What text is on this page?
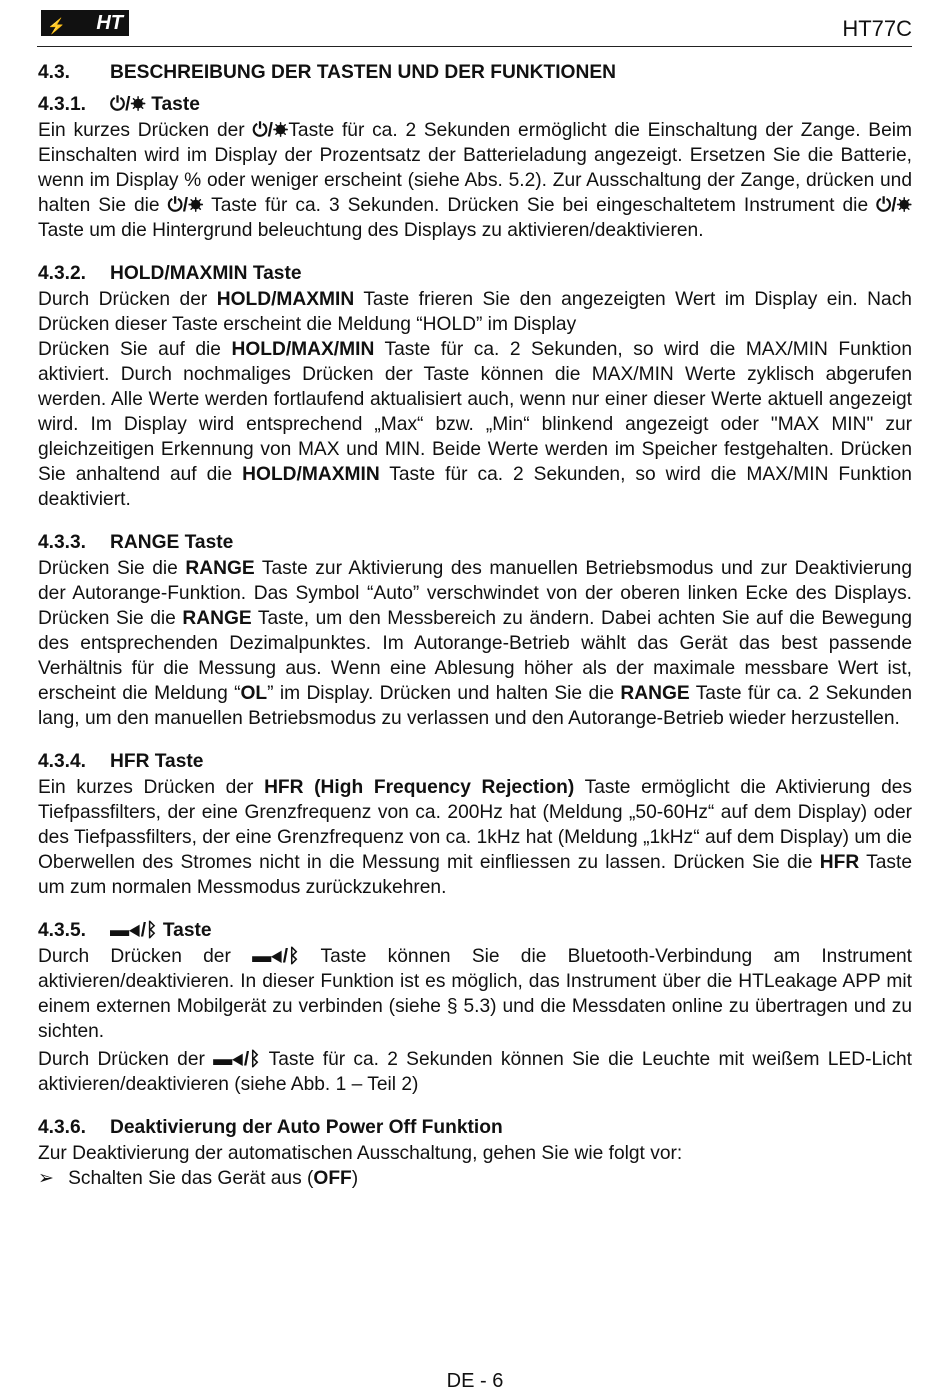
⚡ HT	HT77C
4.3. BESCHREIBUNG DER TASTEN UND DER FUNKTIONEN
4.3.1. ⏻/☀ Taste

Ein kurzes Drücken der ⏻/☀Taste für ca. 2 Sekunden ermöglicht die Einschaltung der Zange. Beim Einschalten wird im Display der Prozentsatz der Batterieladung angezeigt. Ersetzen Sie die Batterie, wenn im Display % oder weniger erscheint (siehe Abs. 5.2). Zur Ausschaltung der Zange, drücken und halten Sie die ⏻/☀ Taste für ca. 3 Sekunden. Drücken Sie bei eingeschaltetem Instrument die ⏻/☀ Taste um die Hintergrund beleuchtung des Displays zu aktivieren/deaktivieren.

4.3.2. HOLD/MAXMIN Taste

Durch Drücken der HOLD/MAXMIN Taste frieren Sie den angezeigten Wert im Display ein. Nach Drücken dieser Taste erscheint die Meldung “HOLD” im Display
Drücken Sie auf die HOLD/MAX/MIN Taste für ca. 2 Sekunden, so wird die MAX/MIN Funktion aktiviert. Durch nochmaliges Drücken der Taste können die MAX/MIN Werte zyklisch abgerufen werden. Alle Werte werden fortlaufend aktualisiert auch, wenn nur einer dieser Werte aktuell angezeigt wird. Im Display wird entsprechend „Max“ bzw. „Min“ blinkend angezeigt oder "MAX MIN" zur gleichzeitigen Erkennung von MAX und MIN. Beide Werte werden im Speicher festgehalten. Drücken Sie anhaltend auf die HOLD/MAXMIN Taste für ca. 2 Sekunden, so wird die MAX/MIN Funktion deaktiviert.

4.3.3. RANGE Taste

Drücken Sie die RANGE Taste zur Aktivierung des manuellen Betriebsmodus und zur Deaktivierung der Autorange-Funktion. Das Symbol “Auto” verschwindet von der oberen linken Ecke des Displays. Drücken Sie die RANGE Taste, um den Messbereich zu ändern. Dabei achten Sie auf die Bewegung des entsprechenden Dezimalpunktes. Im Autorange-Betrieb wählt das Gerät das best passende Verhältnis für die Messung aus. Wenn eine Ablesung höher als der maximale messbare Wert ist, erscheint die Meldung “OL” im Display. Drücken und halten Sie die RANGE Taste für ca. 2 Sekunden lang, um den manuellen Betriebsmodus zu verlassen und den Autorange-Betrieb wieder herzustellen.

4.3.4. HFR Taste

Ein kurzes Drücken der HFR (High Frequency Rejection) Taste ermöglicht die Aktivierung des Tiefpassfilters, der eine Grenzfrequenz von ca. 200Hz hat (Meldung „50-60Hz“ auf dem Display) oder des Tiefpassfilters, der eine Grenzfrequenz von ca. 1kHz hat (Meldung „1kHz“ auf dem Display) um die Oberwellen des Stromes nicht in die Messung mit einfliessen zu lassen. Drücken Sie die HFR Taste um zum normalen Messmodus zurückzukehren.

4.3.5. ▬◀/ᛒ Taste

Durch Drücken der ▬◀/ᛒ Taste können Sie die Bluetooth-Verbindung am Instrument aktivieren/deaktivieren. In dieser Funktion ist es möglich, das Instrument über die HTLeakage APP mit einem externen Mobilgerät zu verbinden (siehe § 5.3) und die Messdaten online zu übertragen und zu sichten.

Durch Drücken der ▬◀/ᛒ Taste für ca. 2 Sekunden können Sie die Leuchte mit weißem LED-Licht aktivieren/deaktivieren (siehe Abb. 1 – Teil 2)

4.3.6. Deaktivierung der Auto Power Off Funktion

Zur Deaktivierung der automatischen Ausschaltung, gehen Sie wie folgt vor:

➢ Schalten Sie das Gerät aus (OFF)
DE - 6
